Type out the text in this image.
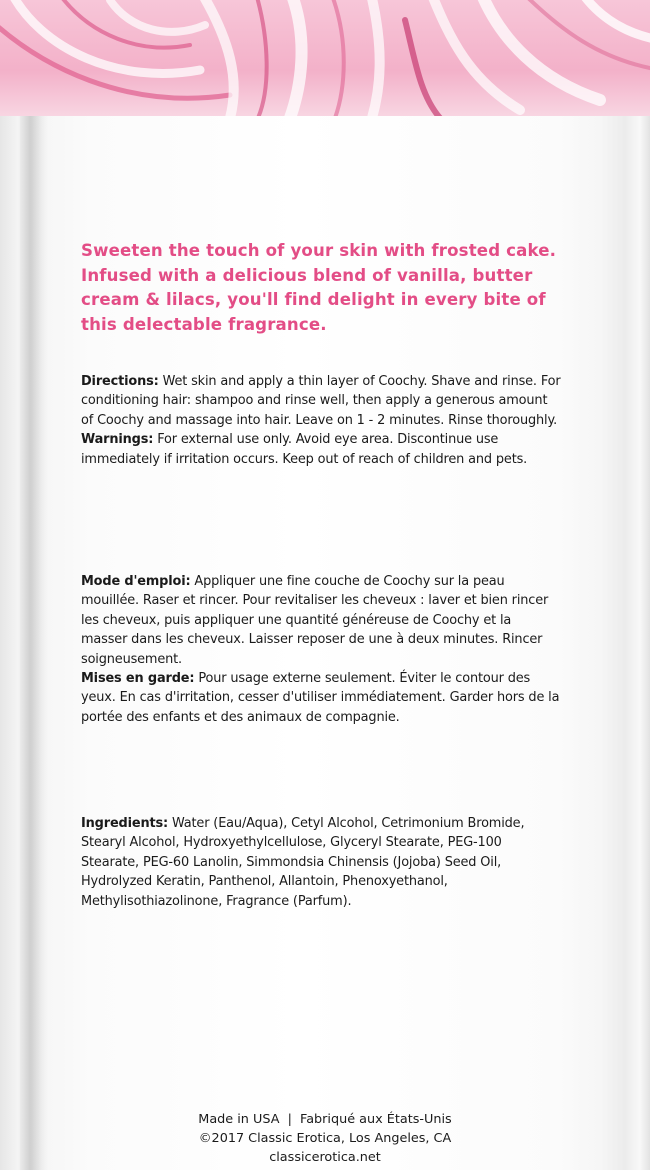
Sweeten the touch of your skin with frosted cake. Infused with a delicious blend of vanilla, butter cream & lilacs, you'll find delight in every bite of this delectable fragrance.

Directions: Wet skin and apply a thin layer of Coochy. Shave and rinse. For conditioning hair: shampoo and rinse well, then apply a generous amount of Coochy and massage into hair. Leave on 1 - 2 minutes. Rinse thoroughly.

Warnings: For external use only. Avoid eye area. Discontinue use immediately if irritation occurs. Keep out of reach of children and pets.

Mode d'emploi: Appliquer une fine couche de Coochy sur la peau mouillée. Raser et rincer. Pour revitaliser les cheveux : laver et bien rincer les cheveux, puis appliquer une quantité généreuse de Coochy et la masser dans les cheveux. Laisser reposer de une à deux minutes. Rincer soigneusement.

Mises en garde: Pour usage externe seulement. Éviter le contour des yeux. En cas d'irritation, cesser d'utiliser immédiatement. Garder hors de la portée des enfants et des animaux de compagnie.

Ingredients: Water (Eau/Aqua), Cetyl Alcohol, Cetrimonium Bromide, Stearyl Alcohol, Hydroxyethylcellulose, Glyceryl Stearate, PEG-100 Stearate, PEG-60 Lanolin, Simmondsia Chinensis (Jojoba) Seed Oil, Hydrolyzed Keratin, Panthenol, Allantoin, Phenoxyethanol, Methylisothiazolinone, Fragrance (Parfum).

Made in USA  |  Fabriqué aux États-Unis

©2017 Classic Erotica, Los Angeles, CA

classicerotica.net
